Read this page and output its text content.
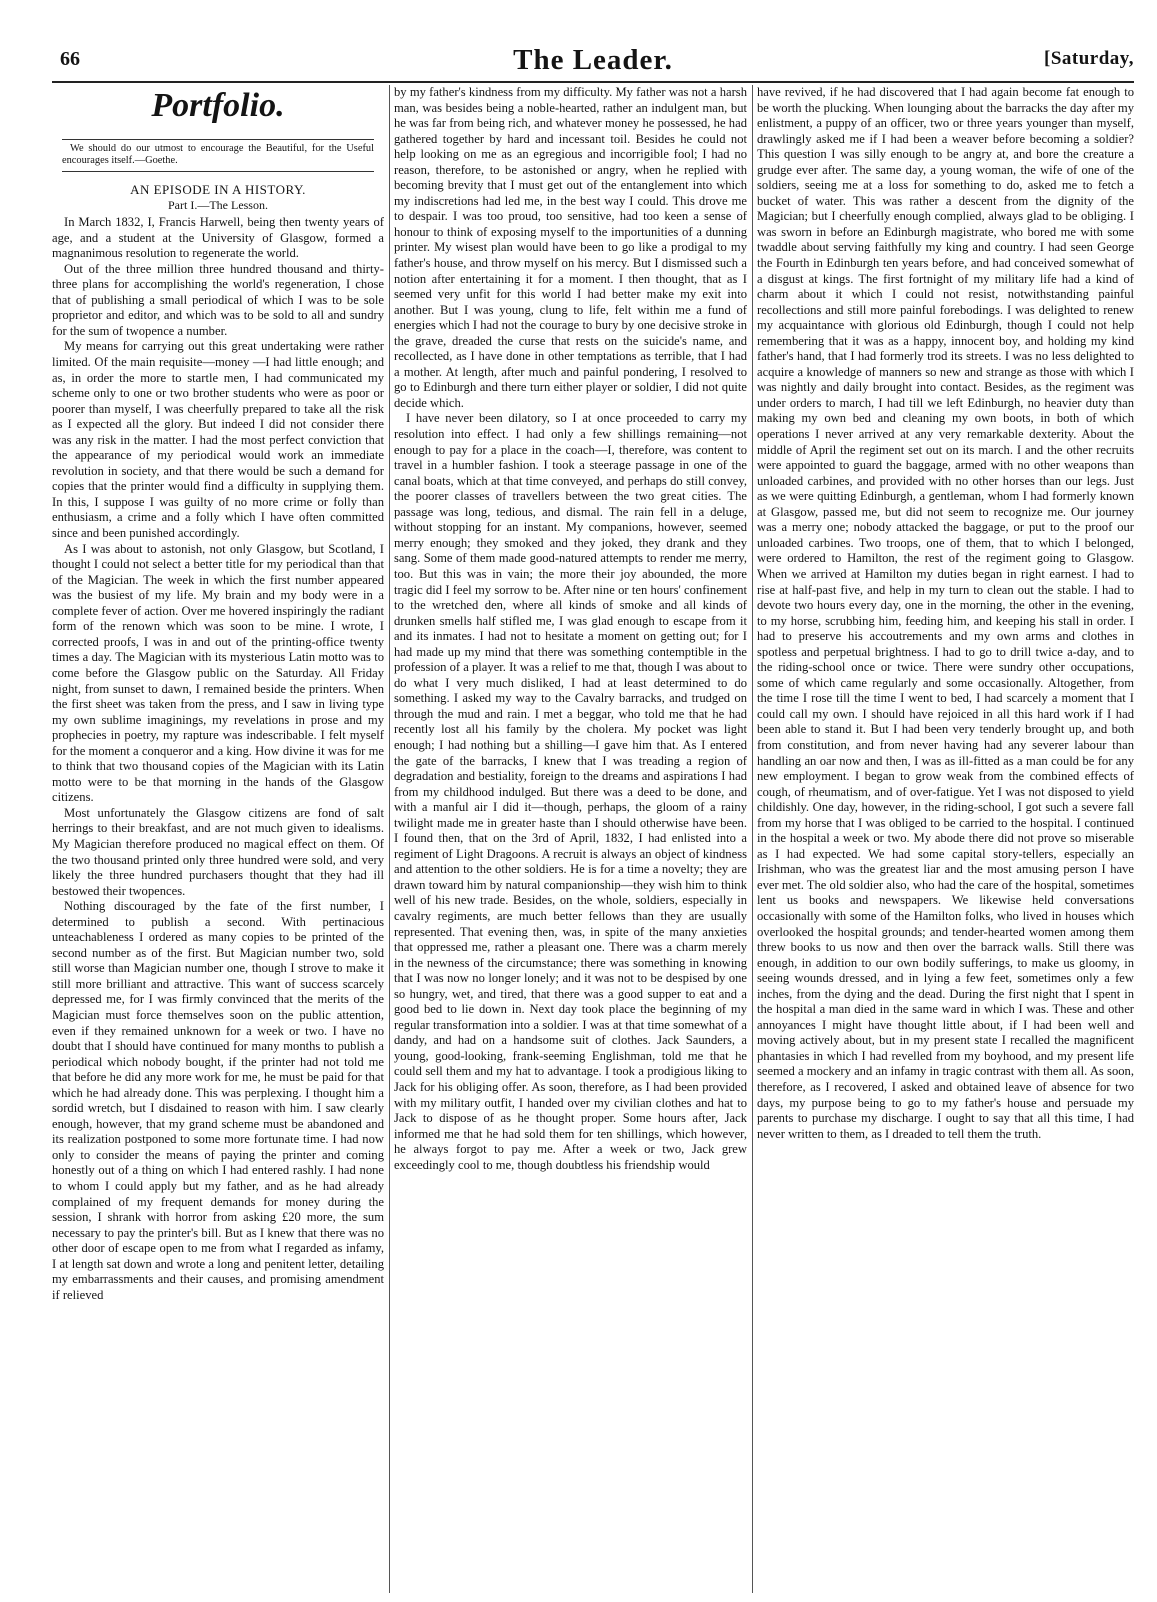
66	The Leader.	[Saturday,
Portfolio.

We should do our utmost to encourage the Beautiful, for the Useful encourages itself.—Goethe.

AN EPISODE IN A HISTORY.

Part I.—The Lesson.

In March 1832, I, Francis Harwell, being then twenty years of age, and a student at the University of Glasgow, formed a magnanimous resolution to regenerate the world.

Out of the three million three hundred thousand and thirty-three plans for accomplishing the world's regeneration, I chose that of publishing a small periodical of which I was to be sole proprietor and editor, and which was to be sold to all and sundry for the sum of twopence a number.

My means for carrying out this great undertaking were rather limited. Of the main requisite—money —I had little enough; and as, in order the more to startle men, I had communicated my scheme only to one or two brother students who were as poor or poorer than myself, I was cheerfully prepared to take all the risk as I expected all the glory. But indeed I did not consider there was any risk in the matter. I had the most perfect conviction that the appearance of my periodical would work an immediate revolution in society, and that there would be such a demand for copies that the printer would find a difficulty in supplying them. In this, I suppose I was guilty of no more crime or folly than enthusiasm, a crime and a folly which I have often committed since and been punished accordingly.

As I was about to astonish, not only Glasgow, but Scotland, I thought I could not select a better title for my periodical than that of the Magician. The week in which the first number appeared was the busiest of my life. My brain and my body were in a complete fever of action. Over me hovered inspiringly the radiant form of the renown which was soon to be mine. I wrote, I corrected proofs, I was in and out of the printing-office twenty times a day. The Magician with its mysterious Latin motto was to come before the Glasgow public on the Saturday. All Friday night, from sunset to dawn, I remained beside the printers. When the first sheet was taken from the press, and I saw in living type my own sublime imaginings, my revelations in prose and my prophecies in poetry, my rapture was indescribable. I felt myself for the moment a conqueror and a king. How divine it was for me to think that two thousand copies of the Magician with its Latin motto were to be that morning in the hands of the Glasgow citizens.

Most unfortunately the Glasgow citizens are fond of salt herrings to their breakfast, and are not much given to idealisms. My Magician therefore produced no magical effect on them. Of the two thousand printed only three hundred were sold, and very likely the three hundred purchasers thought that they had ill bestowed their twopences.

Nothing discouraged by the fate of the first number, I determined to publish a second. With pertinacious unteachableness I ordered as many copies to be printed of the second number as of the first. But Magician number two, sold still worse than Magician number one, though I strove to make it still more brilliant and attractive. This want of success scarcely depressed me, for I was firmly convinced that the merits of the Magician must force themselves soon on the public attention, even if they remained unknown for a week or two. I have no doubt that I should have continued for many months to publish a periodical which nobody bought, if the printer had not told me that before he did any more work for me, he must be paid for that which he had already done. This was perplexing. I thought him a sordid wretch, but I disdained to reason with him. I saw clearly enough, however, that my grand scheme must be abandoned and its realization postponed to some more fortunate time. I had now only to consider the means of paying the printer and coming honestly out of a thing on which I had entered rashly. I had none to whom I could apply but my father, and as he had already complained of my frequent demands for money during the session, I shrank with horror from asking £20 more, the sum necessary to pay the printer's bill. But as I knew that there was no other door of escape open to me from what I regarded as infamy, I at length sat down and wrote a long and penitent letter, detailing my embarrassments and their causes, and promising amendment if relieved

by my father's kindness from my difficulty. My father was not a harsh man, was besides being a noble-hearted, rather an indulgent man, but he was far from being rich, and whatever money he possessed, he had gathered together by hard and incessant toil. Besides he could not help looking on me as an egregious and incorrigible fool; I had no reason, therefore, to be astonished or angry, when he replied with becoming brevity that I must get out of the entanglement into which my indiscretions had led me, in the best way I could. This drove me to despair. I was too proud, too sensitive, had too keen a sense of honour to think of exposing myself to the importunities of a dunning printer. My wisest plan would have been to go like a prodigal to my father's house, and throw myself on his mercy. But I dismissed such a notion after entertaining it for a moment. I then thought, that as I seemed very unfit for this world I had better make my exit into another. But I was young, clung to life, felt within me a fund of energies which I had not the courage to bury by one decisive stroke in the grave, dreaded the curse that rests on the suicide's name, and recollected, as I have done in other temptations as terrible, that I had a mother. At length, after much and painful pondering, I resolved to go to Edinburgh and there turn either player or soldier, I did not quite decide which.

I have never been dilatory, so I at once proceeded to carry my resolution into effect. I had only a few shillings remaining—not enough to pay for a place in the coach—I, therefore, was content to travel in a humbler fashion. I took a steerage passage in one of the canal boats, which at that time conveyed, and perhaps do still convey, the poorer classes of travellers between the two great cities. The passage was long, tedious, and dismal. The rain fell in a deluge, without stopping for an instant. My companions, however, seemed merry enough; they smoked and they joked, they drank and they sang. Some of them made good-natured attempts to render me merry, too. But this was in vain; the more their joy abounded, the more tragic did I feel my sorrow to be. After nine or ten hours' confinement to the wretched den, where all kinds of smoke and all kinds of drunken smells half stifled me, I was glad enough to escape from it and its inmates. I had not to hesitate a moment on getting out; for I had made up my mind that there was something contemptible in the profession of a player. It was a relief to me that, though I was about to do what I very much disliked, I had at least determined to do something. I asked my way to the Cavalry barracks, and trudged on through the mud and rain. I met a beggar, who told me that he had recently lost all his family by the cholera. My pocket was light enough; I had nothing but a shilling—I gave him that. As I entered the gate of the barracks, I knew that I was treading a region of degradation and bestiality, foreign to the dreams and aspirations I had from my childhood indulged. But there was a deed to be done, and with a manful air I did it—though, perhaps, the gloom of a rainy twilight made me in greater haste than I should otherwise have been. I found then, that on the 3rd of April, 1832, I had enlisted into a regiment of Light Dragoons. A recruit is always an object of kindness and attention to the other soldiers. He is for a time a novelty; they are drawn toward him by natural companionship—they wish him to think well of his new trade. Besides, on the whole, soldiers, especially in cavalry regiments, are much better fellows than they are usually represented. That evening then, was, in spite of the many anxieties that oppressed me, rather a pleasant one. There was a charm merely in the newness of the circumstance; there was something in knowing that I was now no longer lonely; and it was not to be despised by one so hungry, wet, and tired, that there was a good supper to eat and a good bed to lie down in. Next day took place the beginning of my regular transformation into a soldier. I was at that time somewhat of a dandy, and had on a handsome suit of clothes. Jack Saunders, a young, good-looking, frank-seeming Englishman, told me that he could sell them and my hat to advantage. I took a prodigious liking to Jack for his obliging offer. As soon, therefore, as I had been provided with my military outfit, I handed over my civilian clothes and hat to Jack to dispose of as he thought proper. Some hours after, Jack informed me that he had sold them for ten shillings, which however, he always forgot to pay me. After a week or two, Jack grew exceedingly cool to me, though doubtless his friendship would

have revived, if he had discovered that I had again become fat enough to be worth the plucking. When lounging about the barracks the day after my enlistment, a puppy of an officer, two or three years younger than myself, drawlingly asked me if I had been a weaver before becoming a soldier? This question I was silly enough to be angry at, and bore the creature a grudge ever after. The same day, a young woman, the wife of one of the soldiers, seeing me at a loss for something to do, asked me to fetch a bucket of water. This was rather a descent from the dignity of the Magician; but I cheerfully enough complied, always glad to be obliging. I was sworn in before an Edinburgh magistrate, who bored me with some twaddle about serving faithfully my king and country. I had seen George the Fourth in Edinburgh ten years before, and had conceived somewhat of a disgust at kings. The first fortnight of my military life had a kind of charm about it which I could not resist, notwithstanding painful recollections and still more painful forebodings. I was delighted to renew my acquaintance with glorious old Edinburgh, though I could not help remembering that it was as a happy, innocent boy, and holding my kind father's hand, that I had formerly trod its streets. I was no less delighted to acquire a knowledge of manners so new and strange as those with which I was nightly and daily brought into contact. Besides, as the regiment was under orders to march, I had till we left Edinburgh, no heavier duty than making my own bed and cleaning my own boots, in both of which operations I never arrived at any very remarkable dexterity. About the middle of April the regiment set out on its march. I and the other recruits were appointed to guard the baggage, armed with no other weapons than unloaded carbines, and provided with no other horses than our legs. Just as we were quitting Edinburgh, a gentleman, whom I had formerly known at Glasgow, passed me, but did not seem to recognize me. Our journey was a merry one; nobody attacked the baggage, or put to the proof our unloaded carbines. Two troops, one of them, that to which I belonged, were ordered to Hamilton, the rest of the regiment going to Glasgow. When we arrived at Hamilton my duties began in right earnest. I had to rise at half-past five, and help in my turn to clean out the stable. I had to devote two hours every day, one in the morning, the other in the evening, to my horse, scrubbing him, feeding him, and keeping his stall in order. I had to preserve his accoutrements and my own arms and clothes in spotless and perpetual brightness. I had to go to drill twice a-day, and to the riding-school once or twice. There were sundry other occupations, some of which came regularly and some occasionally. Altogether, from the time I rose till the time I went to bed, I had scarcely a moment that I could call my own. I should have rejoiced in all this hard work if I had been able to stand it. But I had been very tenderly brought up, and both from constitution, and from never having had any severer labour than handling an oar now and then, I was as ill-fitted as a man could be for any new employment. I began to grow weak from the combined effects of cough, of rheumatism, and of over-fatigue. Yet I was not disposed to yield childishly. One day, however, in the riding-school, I got such a severe fall from my horse that I was obliged to be carried to the hospital. I continued in the hospital a week or two. My abode there did not prove so miserable as I had expected. We had some capital story-tellers, especially an Irishman, who was the greatest liar and the most amusing person I have ever met. The old soldier also, who had the care of the hospital, sometimes lent us books and newspapers. We likewise held conversations occasionally with some of the Hamilton folks, who lived in houses which overlooked the hospital grounds; and tender-hearted women among them threw books to us now and then over the barrack walls. Still there was enough, in addition to our own bodily sufferings, to make us gloomy, in seeing wounds dressed, and in lying a few feet, sometimes only a few inches, from the dying and the dead. During the first night that I spent in the hospital a man died in the same ward in which I was. These and other annoyances I might have thought little about, if I had been well and moving actively about, but in my present state I recalled the magnificent phantasies in which I had revelled from my boyhood, and my present life seemed a mockery and an infamy in tragic contrast with them all. As soon, therefore, as I recovered, I asked and obtained leave of absence for two days, my purpose being to go to my father's house and persuade my parents to purchase my discharge. I ought to say that all this time, I had never written to them, as I dreaded to tell them the truth.
